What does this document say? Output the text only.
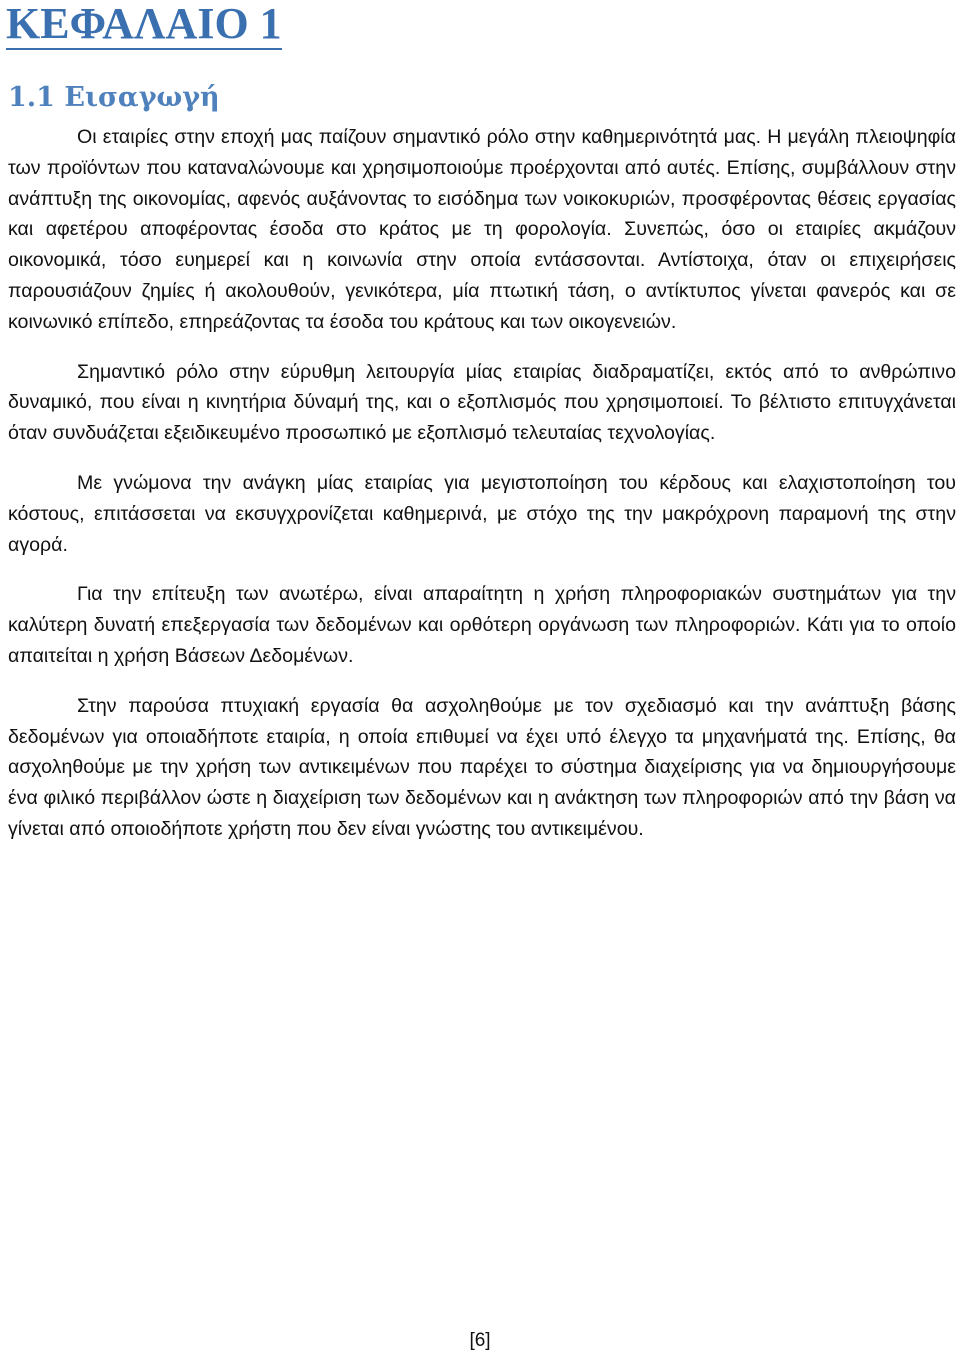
ΚΕΦΑΛΑΙΟ 1
1.1 Εισαγωγή

Οι εταιρίες στην εποχή μας παίζουν σημαντικό ρόλο στην καθημερινότητά μας. Η μεγάλη πλειοψηφία των προϊόντων που καταναλώνουμε και χρησιμοποιούμε προέρχονται από αυτές. Επίσης, συμβάλλουν στην ανάπτυξη της οικονομίας, αφενός αυξάνοντας το εισόδημα των νοικοκυριών, προσφέροντας θέσεις εργασίας και αφετέρου αποφέροντας έσοδα στο κράτος με τη φορολογία. Συνεπώς, όσο οι εταιρίες ακμάζουν οικονομικά, τόσο ευημερεί και η κοινωνία στην οποία εντάσσονται. Αντίστοιχα, όταν οι επιχειρήσεις παρουσιάζουν ζημίες ή ακολουθούν, γενικότερα, μία πτωτική τάση, ο αντίκτυπος γίνεται φανερός και σε κοινωνικό επίπεδο, επηρεάζοντας τα έσοδα του κράτους και των οικογενειών.

Σημαντικό ρόλο στην εύρυθμη λειτουργία μίας εταιρίας διαδραματίζει, εκτός από το ανθρώπινο δυναμικό, που είναι η κινητήρια δύναμή της, και ο εξοπλισμός που χρησιμοποιεί. Το βέλτιστο επιτυγχάνεται όταν συνδυάζεται εξειδικευμένο προσωπικό με εξοπλισμό τελευταίας τεχνολογίας.

Με γνώμονα την ανάγκη μίας εταιρίας για μεγιστοποίηση του κέρδους και ελαχιστοποίηση του κόστους, επιτάσσεται να εκσυγχρονίζεται καθημερινά, με στόχο της την μακρόχρονη παραμονή της στην αγορά.

Για την επίτευξη των ανωτέρω, είναι απαραίτητη η χρήση πληροφοριακών συστημάτων για την καλύτερη δυνατή επεξεργασία των δεδομένων και ορθότερη οργάνωση των πληροφοριών. Κάτι για το οποίο απαιτείται η χρήση Βάσεων Δεδομένων.

Στην παρούσα πτυχιακή εργασία θα ασχοληθούμε με τον σχεδιασμό και την ανάπτυξη βάσης δεδομένων για οποιαδήποτε εταιρία, η οποία επιθυμεί να έχει υπό έλεγχο τα μηχανήματά της. Επίσης, θα ασχοληθούμε με την χρήση των αντικειμένων που παρέχει το σύστημα διαχείρισης για να δημιουργήσουμε ένα φιλικό περιβάλλον ώστε η διαχείριση των δεδομένων και η ανάκτηση των πληροφοριών από την βάση να γίνεται από οποιοδήποτε χρήστη που δεν είναι γνώστης του αντικειμένου.

[6]
